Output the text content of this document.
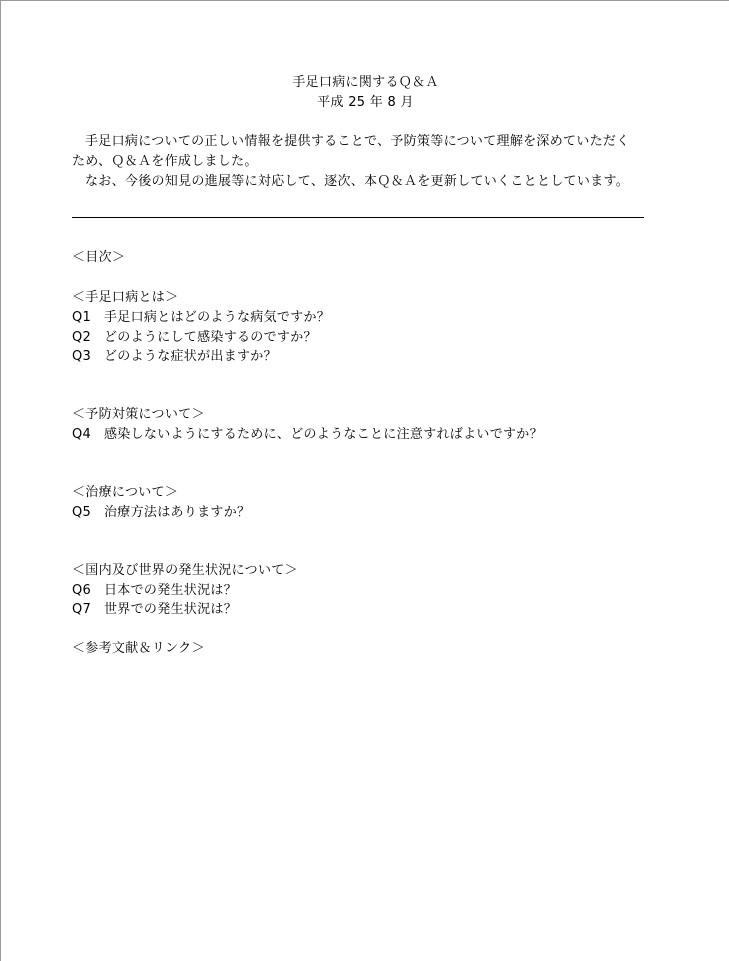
手足口病に関するＱ＆Ａ
平成 25 年 8 月
手足口病についての正しい情報を提供することで、予防策等について理解を深めていただく
ため、Ｑ＆Ａを作成しました。
なお、今後の知見の進展等に対応して、逐次、本Ｑ＆Ａを更新していくこととしています。
＜目次＞
＜手足口病とは＞
Q1 手足口病とはどのような病気ですか？
Q2 どのようにして感染するのですか？
Q3 どのような症状が出ますか？
＜予防対策について＞
Q4 感染しないようにするために、どのようなことに注意すればよいですか？
＜治療について＞
Q5 治療方法はありますか？
＜国内及び世界の発生状況について＞
Q6 日本での発生状況は？
Q7 世界での発生状況は？
＜参考文献＆リンク＞
